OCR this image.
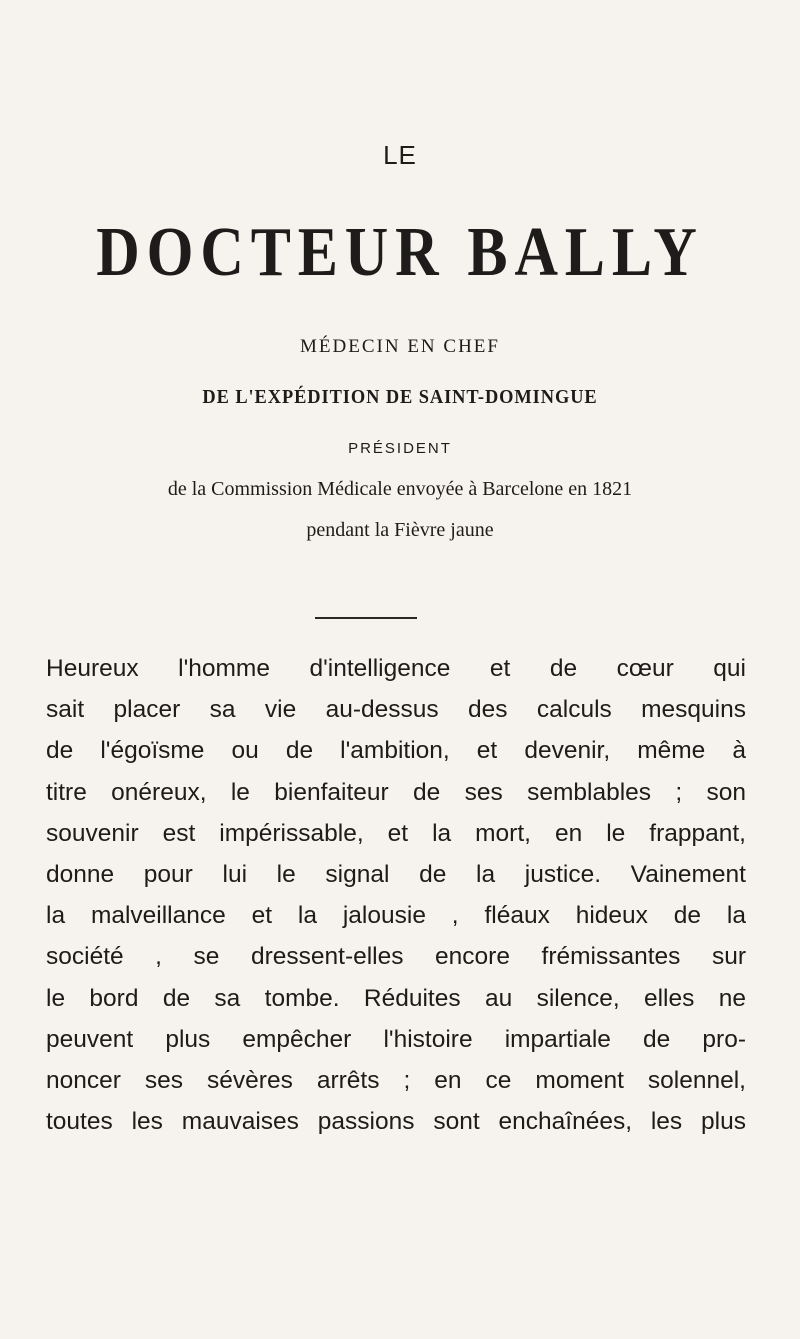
LE
DOCTEUR BALLY
MÉDECIN EN CHEF
DE L'EXPÉDITION DE SAINT-DOMINGUE
PRÉSIDENT
de la Commission Médicale envoyée à Barcelone en 1821
pendant la Fièvre jaune
Heureux l'homme d'intelligence et de cœur qui
sait placer sa vie au-dessus des calculs mesquins
de l'égoïsme ou de l'ambition, et devenir, même à
titre onéreux, le bienfaiteur de ses semblables ; son
souvenir est impérissable, et la mort, en le frappant,
donne pour lui le signal de la justice. Vainement
la malveillance et la jalousie , fléaux hideux de la
société , se dressent-elles encore frémissantes sur
le bord de sa tombe. Réduites au silence, elles ne
peuvent plus empêcher l'histoire impartiale de pro-
noncer ses sévères arrêts ; en ce moment solennel,
toutes les mauvaises passions sont enchaînées, les plus
